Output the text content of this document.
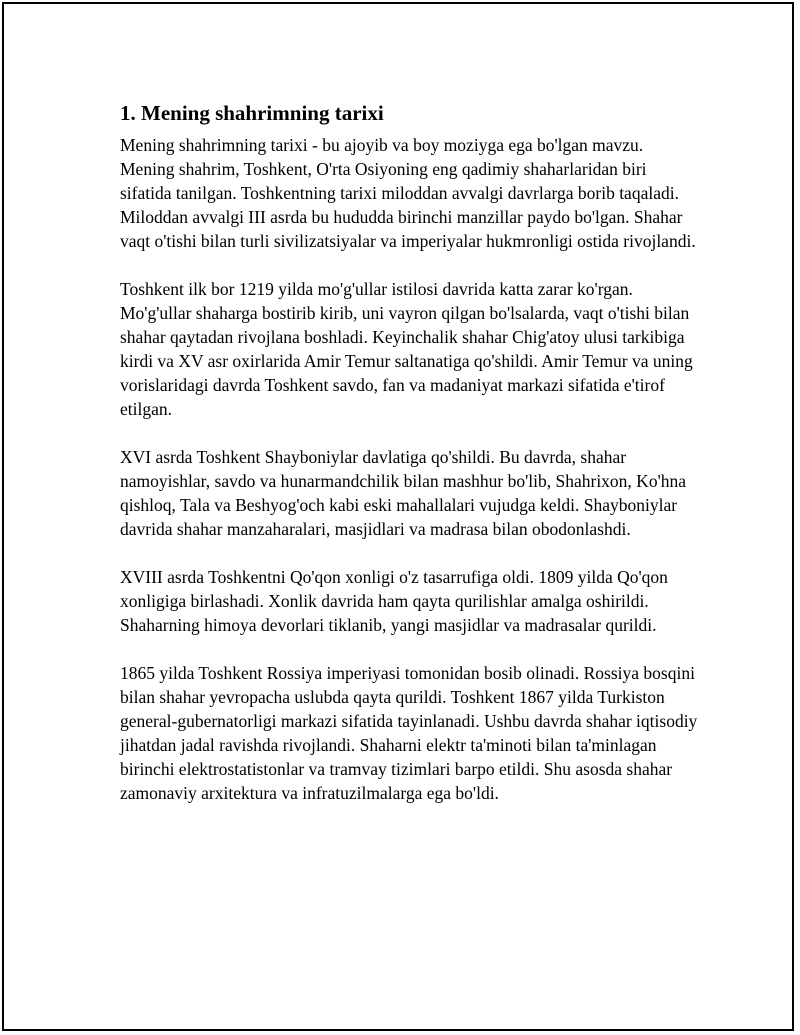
1. Mening shahrimning tarixi

Mening shahrimning tarixi - bu ajoyib va boy moziyga ega bo'lgan mavzu. Mening shahrim, Toshkent, O'rta Osiyoning eng qadimiy shaharlaridan biri sifatida tanilgan. Toshkentning tarixi miloddan avvalgi davrlarga borib taqaladi. Miloddan avvalgi III asrda bu hududda birinchi manzillar paydo bo'lgan. Shahar vaqt o'tishi bilan turli sivilizatsiyalar va imperiyalar hukmronligi ostida rivojlandi.

Toshkent ilk bor 1219 yilda mo'g'ullar istilosi davrida katta zarar ko'rgan. Mo'g'ullar shaharga bostirib kirib, uni vayron qilgan bo'lsalarda, vaqt o'tishi bilan shahar qaytadan rivojlana boshladi. Keyinchalik shahar Chig'atoy ulusi tarkibiga kirdi va XV asr oxirlarida Amir Temur saltanatiga qo'shildi. Amir Temur va uning vorislaridagi davrda Toshkent savdo, fan va madaniyat markazi sifatida e'tirof etilgan.

XVI asrda Toshkent Shayboniylar davlatiga qo'shildi. Bu davrda, shahar namoyishlar, savdo va hunarmandchilik bilan mashhur bo'lib, Shahrixon, Ko'hna qishloq, Tala va Beshyog'och kabi eski mahallalari vujudga keldi. Shayboniylar davrida shahar manzaharalari, masjidlari va madrasa bilan obodonlashdi.

XVIII asrda Toshkentni Qo'qon xonligi o'z tasarrufiga oldi. 1809 yilda Qo'qon xonligiga birlashadi. Xonlik davrida ham qayta qurilishlar amalga oshirildi. Shaharning himoya devorlari tiklanib, yangi masjidlar va madrasalar qurildi.

1865 yilda Toshkent Rossiya imperiyasi tomonidan bosib olinadi. Rossiya bosqini bilan shahar yevropacha uslubda qayta qurildi. Toshkent 1867 yilda Turkiston general-gubernatorligi markazi sifatida tayinlanadi. Ushbu davrda shahar iqtisodiy jihatdan jadal ravishda rivojlandi. Shaharni elektr ta'minoti bilan ta'minlagan birinchi elektrostatistonlar va tramvay tizimlari barpo etildi. Shu asosda shahar zamonaviy arxitektura va infratuzilmalarga ega bo'ldi.
